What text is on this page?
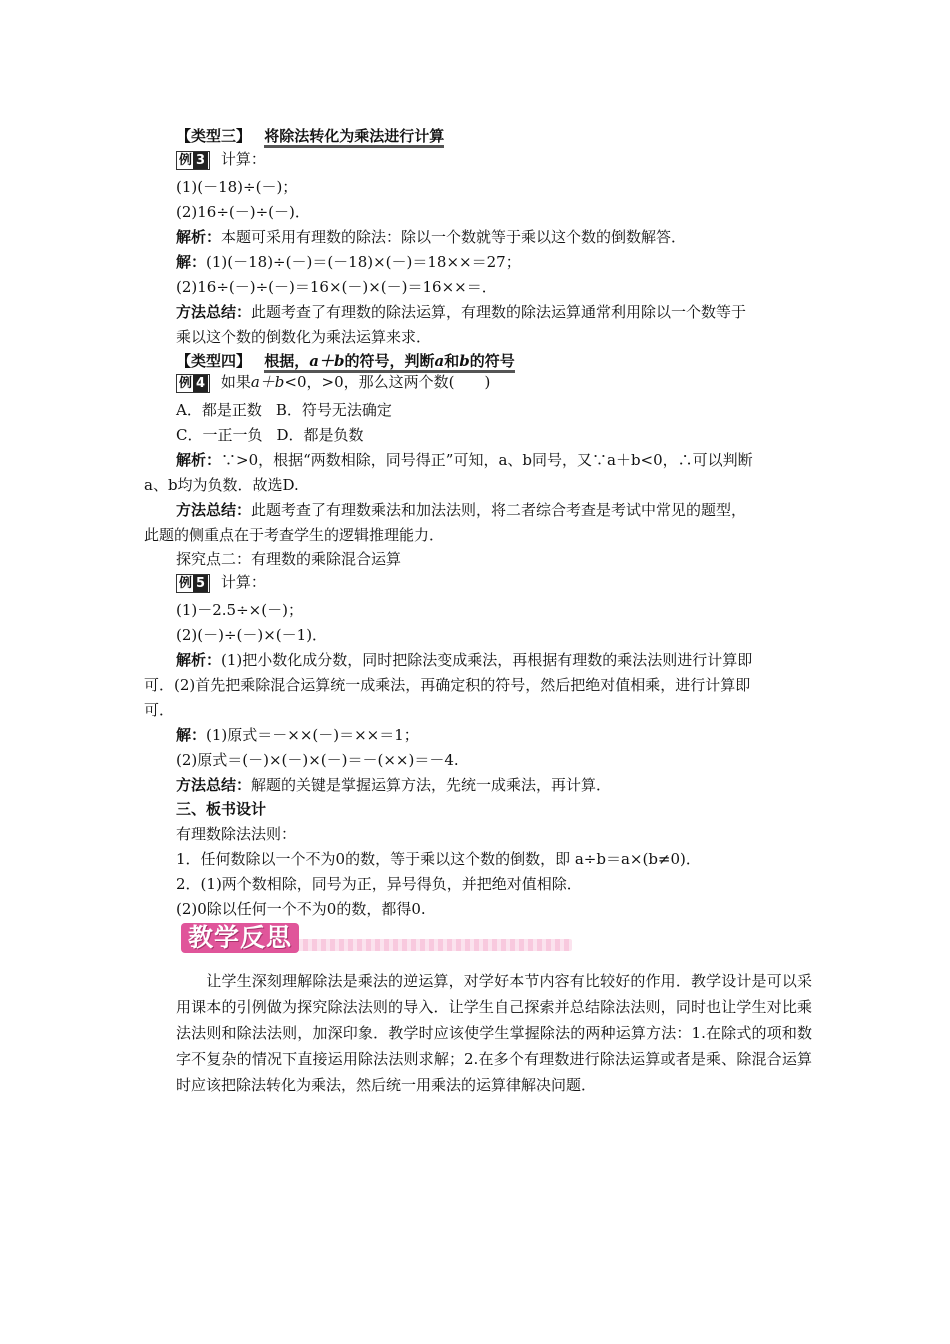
【类型三】 将除法转化为乘法进行计算
例 3 计算：
(1)(－18)÷(－)；
(2)16÷(－)÷(－)．
解析：本题可采用有理数的除法：除以一个数就等于乘以这个数的倒数解答．
解：(1)(－18)÷(－)＝(－18)×(－)＝18××＝27；
(2)16÷(－)÷(－)＝16×(－)×(－)＝16××＝．
方法总结：此题考查了有理数的除法运算，有理数的除法运算通常利用除以一个数等于
乘以这个数的倒数化为乘法运算来求．
【类型四】 根据，a＋b的符号，判断a和b的符号
例 4 如果a＋b<0，>0，那么这两个数(　　)
A．都是正数 B．符号无法确定
C．一正一负 D．都是负数
解析：∵>0，根据“两数相除，同号得正”可知，a、b同号，又∵a＋b<0，∴可以判断
a、b均为负数．故选D.
方法总结：此题考查了有理数乘法和加法法则，将二者综合考查是考试中常见的题型，
此题的侧重点在于考查学生的逻辑推理能力．
探究点二：有理数的乘除混合运算
例 5 计算：
(1)－2.5÷×(－)；
(2)(－)÷(－)×(－1)．
解析：(1)把小数化成分数，同时把除法变成乘法，再根据有理数的乘法法则进行计算即
可．(2)首先把乘除混合运算统一成乘法，再确定积的符号，然后把绝对值相乘，进行计算即
可．
解：(1)原式＝－××(－)＝××＝1；
(2)原式＝(－)×(－)×(－)＝－(××)＝－4.
方法总结：解题的关键是掌握运算方法，先统一成乘法，再计算．
三、板书设计
有理数除法法则：
1．任何数除以一个不为0的数，等于乘以这个数的倒数，即 a÷b＝a×(b≠0)．
2．(1)两个数相除，同号为正，异号得负，并把绝对值相除．
(2)0除以任何一个不为0的数，都得0.
教学反思
　　让学生深刻理解除法是乘法的逆运算，对学好本节内容有比较好的作用．教学设计是可以采用课本的引例做为探究除法法则的导入．让学生自己探索并总结除法法则，同时也让学生对比乘法法则和除法法则，加深印象．教学时应该使学生掌握除法的两种运算方法：1.在除式的项和数字不复杂的情况下直接运用除法法则求解；2.在多个有理数进行除法运算或者是乘、除混合运算时应该把除法转化为乘法，然后统一用乘法的运算律解决问题．
